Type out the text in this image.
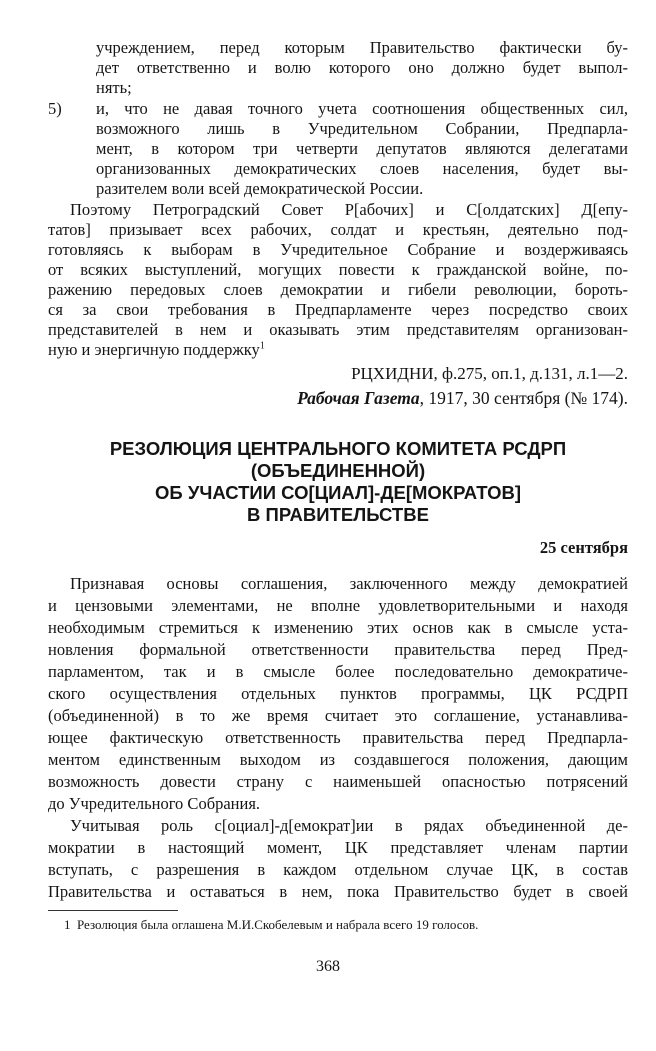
учреждением, перед которым Правительство фактически бу-
дет ответственно и волю которого оно должно будет выпол-
нять;
5) и, что не давая точного учета соотношения общественных сил,
возможного лишь в Учредительном Собрании, Предпарла-
мент, в котором три четверти депутатов являются делегатами
организованных демократических слоев населения, будет вы-
разителем воли всей демократической России.
Поэтому Петроградский Совет Р[абочих] и С[олдатских] Д[епу-
татов] призывает всех рабочих, солдат и крестьян, деятельно под-
готовляясь к выборам в Учредительное Собрание и воздерживаясь
от всяких выступлений, могущих повести к гражданской войне, по-
ражению передовых слоев демократии и гибели революции, бороть-
ся за свои требования в Предпарламенте через посредство своих
представителей в нем и оказывать этим представителям организован-
ную и энергичную поддержку$^1$
РЦХИДНИ, ф.275, оп.1, д.131, л.1—2.
Рабочая Газета, 1917, 30 сентября (№ 174).
РЕЗОЛЮЦИЯ ЦЕНТРАЛЬНОГО КОМИТЕТА РСДРП
(ОБЪЕДИНЕННОЙ)
ОБ УЧАСТИИ СО[ЦИАЛ]-ДЕ[МОКРАТОВ]
В ПРАВИТЕЛЬСТВЕ
25 сентября
Признавая основы соглашения, заключенного между демократией
и цензовыми элементами, не вполне удовлетворительными и находя
необходимым стремиться к изменению этих основ как в смысле уста-
новления формальной ответственности правительства перед Пред-
парламентом, так и в смысле более последовательно демократиче-
ского осуществления отдельных пунктов программы, ЦК РСДРП
(объединенной) в то же время считает это соглашение, устанавлива-
ющее фактическую ответственность правительства перед Предпарла-
ментом единственным выходом из создавшегося положения, дающим
возможность довести страну с наименьшей опасностью потрясений
до Учредительного Собрания.
Учитывая роль с[оциал]-д[емократ]ии в рядах объединенной де-
мократии в настоящий момент, ЦК представляет членам партии
вступать, с разрешения в каждом отдельном случае ЦК, в состав
Правительства и оставаться в нем, пока Правительство будет в своей
1 Резолюция была оглашена М.И.Скобелевым и набрала всего 19 голосов.
368
